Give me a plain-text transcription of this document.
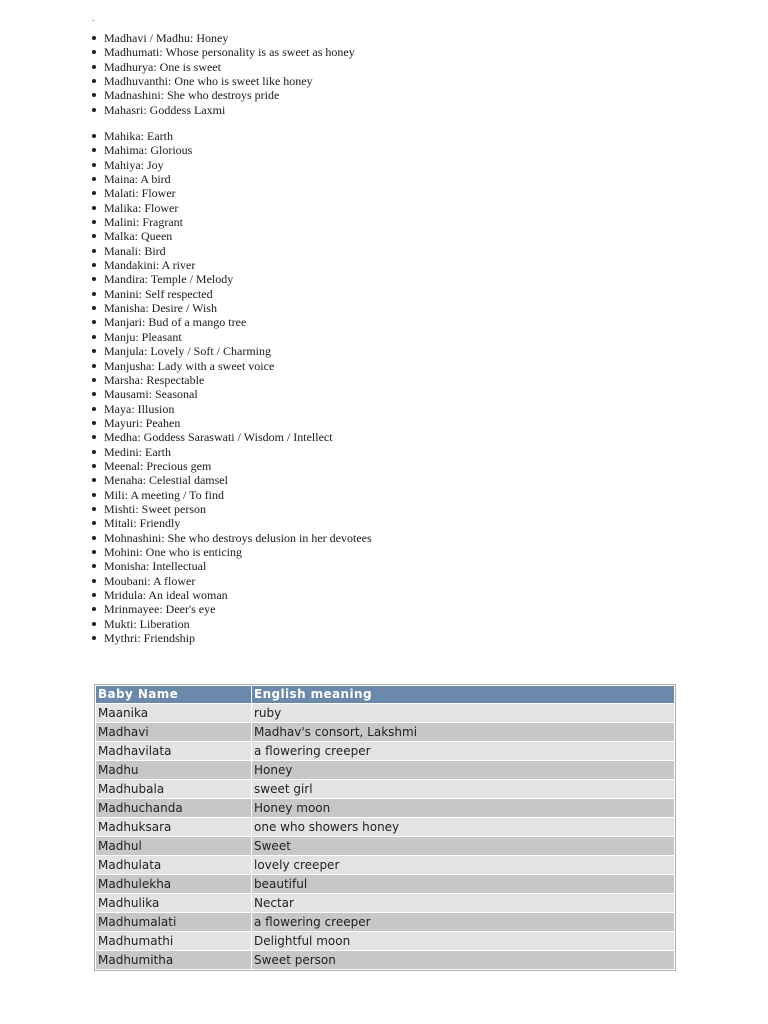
.
Madhavi / Madhu: Honey
Madhumati: Whose personality is as sweet as honey
Madhurya: One is sweet
Madhuvanthi: One who is sweet like honey
Madnashini: She who destroys pride
Mahasri: Goddess Laxmi
Mahika: Earth
Mahima: Glorious
Mahiya: Joy
Maina: A bird
Malati: Flower
Malika: Flower
Malini: Fragrant
Malka: Queen
Manali: Bird
Mandakini: A river
Mandira: Temple / Melody
Manini: Self respected
Manisha: Desire / Wish
Manjari: Bud of a mango tree
Manju: Pleasant
Manjula: Lovely / Soft / Charming
Manjusha: Lady with a sweet voice
Marsha: Respectable
Mausami: Seasonal
Maya: Illusion
Mayuri: Peahen
Medha: Goddess Saraswati / Wisdom / Intellect
Medini: Earth
Meenal: Precious gem
Menaha: Celestial damsel
Mili: A meeting / To find
Mishti: Sweet person
Mitali: Friendly
Mohnashini: She who destroys delusion in her devotees
Mohini: One who is enticing
Monisha: Intellectual
Moubani: A flower
Mridula: An ideal woman
Mrinmayee: Deer's eye
Mukti: Liberation
Mythri: Friendship
Baby Name	English meaning
Maanika	ruby
Madhavi	Madhav's consort, Lakshmi
Madhavilata	a flowering creeper
Madhu	Honey
Madhubala	sweet girl
Madhuchanda	Honey moon
Madhuksara	one who showers honey
Madhul	Sweet
Madhulata	lovely creeper
Madhulekha	beautiful
Madhulika	Nectar
Madhumalati	a flowering creeper
Madhumathi	Delightful moon
Madhumitha	Sweet person
